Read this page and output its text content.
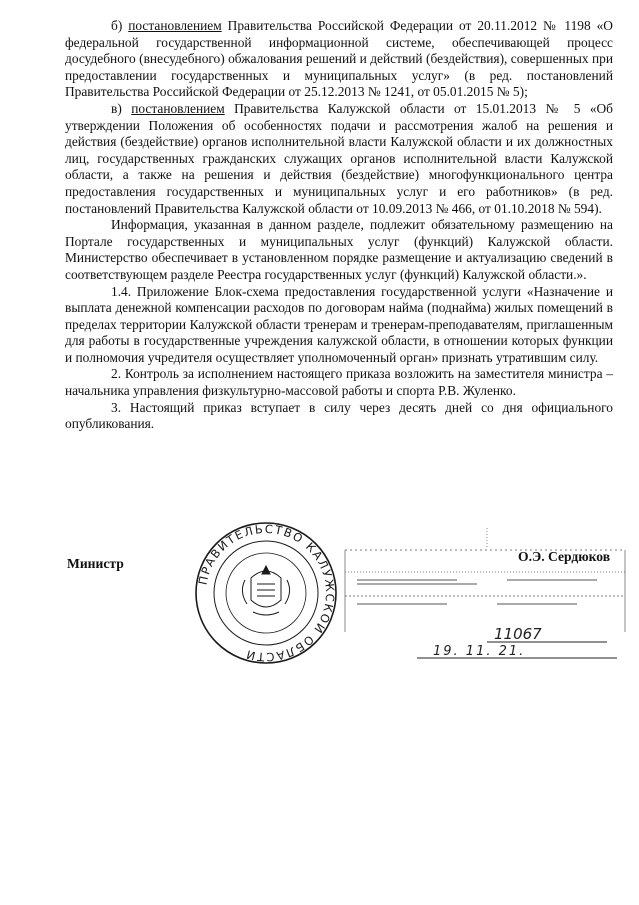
б) постановлением Правительства Российской Федерации от 20.11.2012 № 1198 «О федеральной государственной информационной системе, обеспечивающей процесс досудебного (внесудебного) обжалования решений и действий (бездействия), совершенных при предоставлении государственных и муниципальных услуг» (в ред. постановлений Правительства Российской Федерации от 25.12.2013 № 1241, от 05.01.2015 № 5);

в) постановлением Правительства Калужской области от 15.01.2013 № 5 «Об утверждении Положения об особенностях подачи и рассмотрения жалоб на решения и действия (бездействие) органов исполнительной власти Калужской области и их должностных лиц, государственных гражданских служащих органов исполнительной власти Калужской области, а также на решения и действия (бездействие) многофункционального центра предоставления государственных и муниципальных услуг и его работников» (в ред. постановлений Правительства Калужской области от 10.09.2013 № 466, от 01.10.2018 № 594).

Информация, указанная в данном разделе, подлежит обязательному размещению на Портале государственных и муниципальных услуг (функций) Калужской области. Министерство обеспечивает в установленном порядке размещение и актуализацию сведений в соответствующем разделе Реестра государственных услуг (функций) Калужской области.».

1.4. Приложение Блок-схема предоставления государственной услуги «Назначение и выплата денежной компенсации расходов по договорам найма (поднайма) жилых помещений в пределах территории Калужской области тренерам и тренерам-преподавателям, приглашенным для работы в государственные учреждения калужской области, в отношении которых функции и полномочия учредителя осуществляет уполномоченный орган» признать утратившим силу.

2. Контроль за исполнением настоящего приказа возложить на заместителя министра – начальника управления физкультурно-массовой работы и спорта Р.В. Жуленко.

3. Настоящий приказ вступает в силу через десять дней со дня официального опубликования.

Министр	О.Э. Сердюков
ПРАВИТЕЛЬСТВО КАЛУЖСКОЙ ОБЛАСТИ
11067
19. 11. 21.
